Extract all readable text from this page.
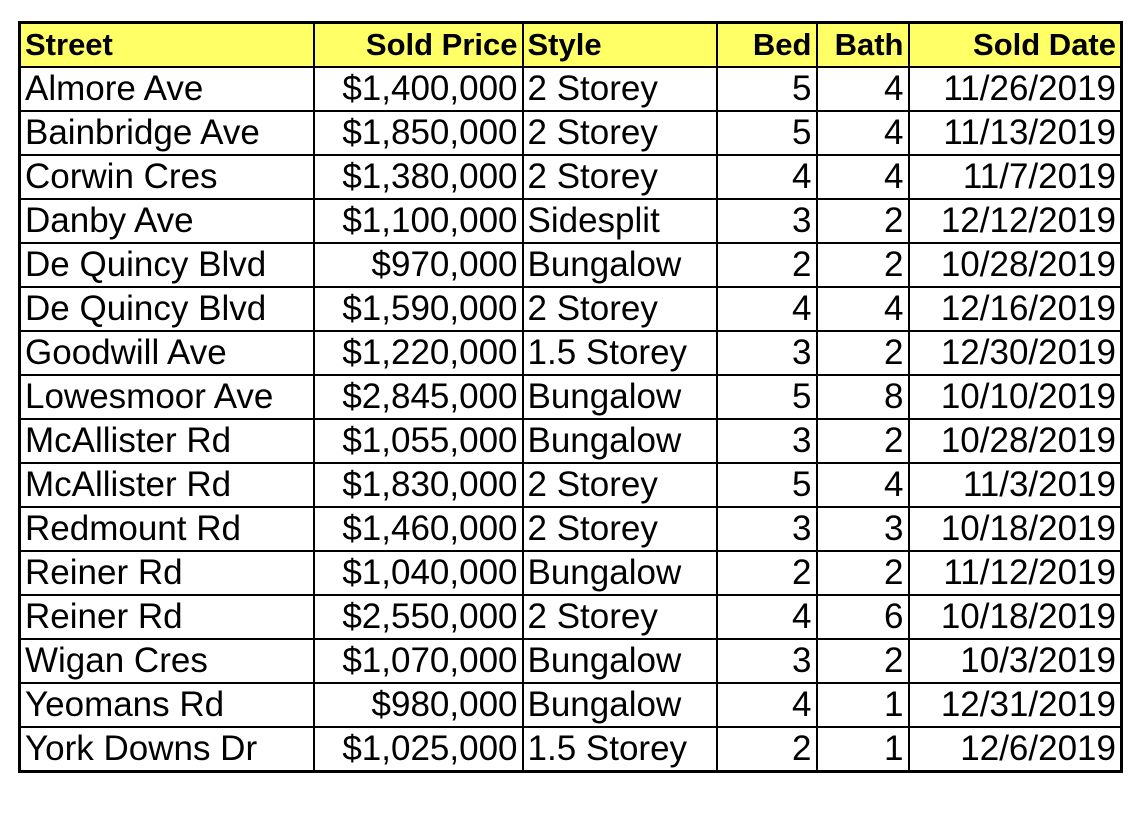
Street	Sold Price	Style	Bed	Bath	Sold Date
Almore Ave	$1,400,000	2 Storey	5	4	11/26/2019
Bainbridge Ave	$1,850,000	2 Storey	5	4	11/13/2019
Corwin Cres	$1,380,000	2 Storey	4	4	11/7/2019
Danby Ave	$1,100,000	Sidesplit	3	2	12/12/2019
De Quincy Blvd	$970,000	Bungalow	2	2	10/28/2019
De Quincy Blvd	$1,590,000	2 Storey	4	4	12/16/2019
Goodwill Ave	$1,220,000	1.5 Storey	3	2	12/30/2019
Lowesmoor Ave	$2,845,000	Bungalow	5	8	10/10/2019
McAllister Rd	$1,055,000	Bungalow	3	2	10/28/2019
McAllister Rd	$1,830,000	2 Storey	5	4	11/3/2019
Redmount Rd	$1,460,000	2 Storey	3	3	10/18/2019
Reiner Rd	$1,040,000	Bungalow	2	2	11/12/2019
Reiner Rd	$2,550,000	2 Storey	4	6	10/18/2019
Wigan Cres	$1,070,000	Bungalow	3	2	10/3/2019
Yeomans Rd	$980,000	Bungalow	4	1	12/31/2019
York Downs Dr	$1,025,000	1.5 Storey	2	1	12/6/2019
